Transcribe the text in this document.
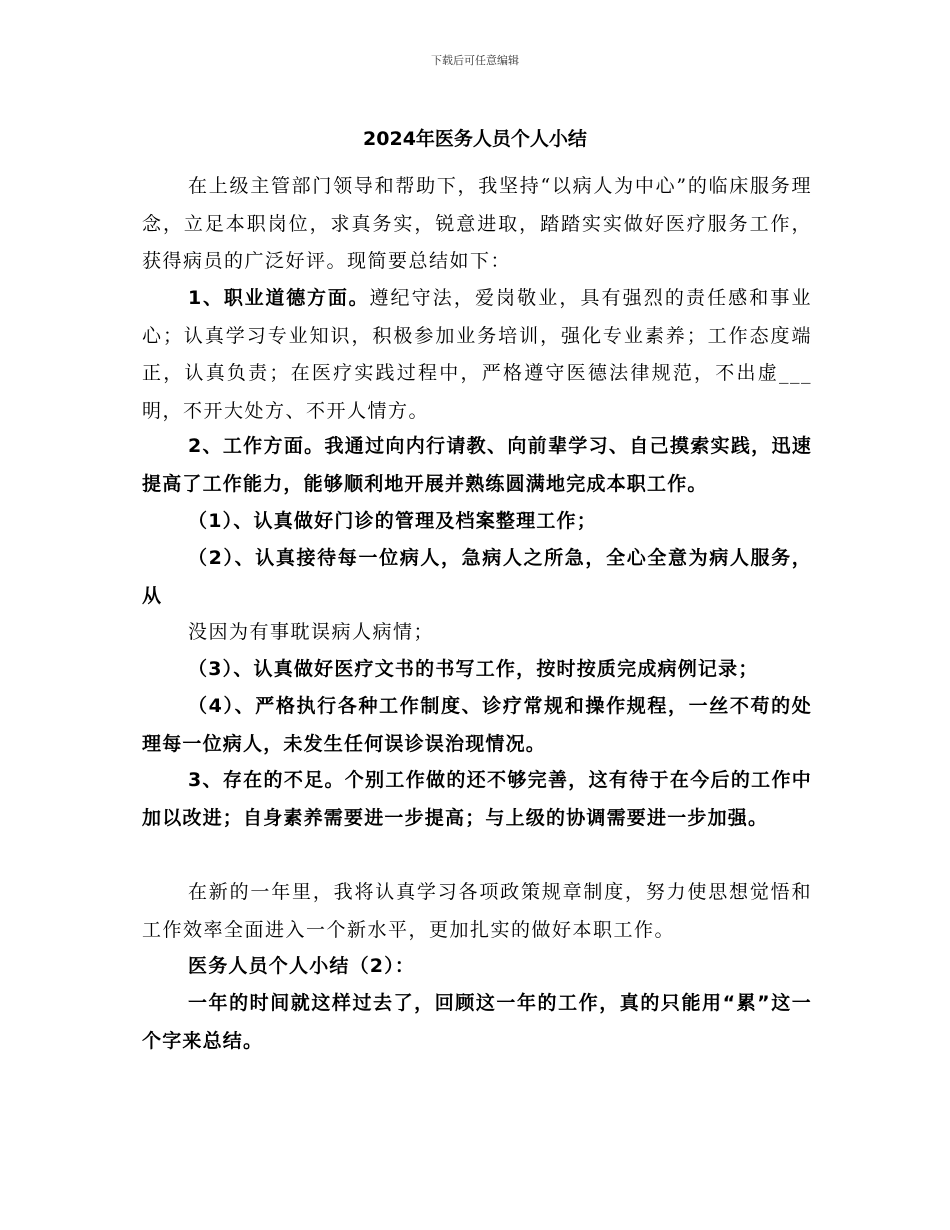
下载后可任意编辑
2024年医务人员个人小结

在上级主管部门领导和帮助下，我坚持“以病人为中心”的临床服务理念，立足本职岗位，求真务实，锐意进取，踏踏实实做好医疗服务工作，获得病员的广泛好评。现简要总结如下：

1、职业道德方面。遵纪守法，爱岗敬业，具有强烈的责任感和事业心；认真学习专业知识，积极参加业务培训，强化专业素养；工作态度端正，认真负责；在医疗实践过程中，严格遵守医德法律规范，不出虚___明，不开大处方、不开人情方。

2、工作方面。我通过向内行请教、向前辈学习、自己摸索实践，迅速提高了工作能力，能够顺利地开展并熟练圆满地完成本职工作。

（1）、认真做好门诊的管理及档案整理工作；

（2）、认真接待每一位病人，急病人之所急，全心全意为病人服务，从

没因为有事耽误病人病情；

（3）、认真做好医疗文书的书写工作，按时按质完成病例记录；

（4）、严格执行各种工作制度、诊疗常规和操作规程，一丝不苟的处理每一位病人，未发生任何误诊误治现情况。

3、存在的不足。个别工作做的还不够完善，这有待于在今后的工作中加以改进；自身素养需要进一步提高；与上级的协调需要进一步加强。

在新的一年里，我将认真学习各项政策规章制度，努力使思想觉悟和工作效率全面进入一个新水平，更加扎实的做好本职工作。

医务人员个人小结（2）：

一年的时间就这样过去了，回顾这一年的工作，真的只能用“累”这一个字来总结。
